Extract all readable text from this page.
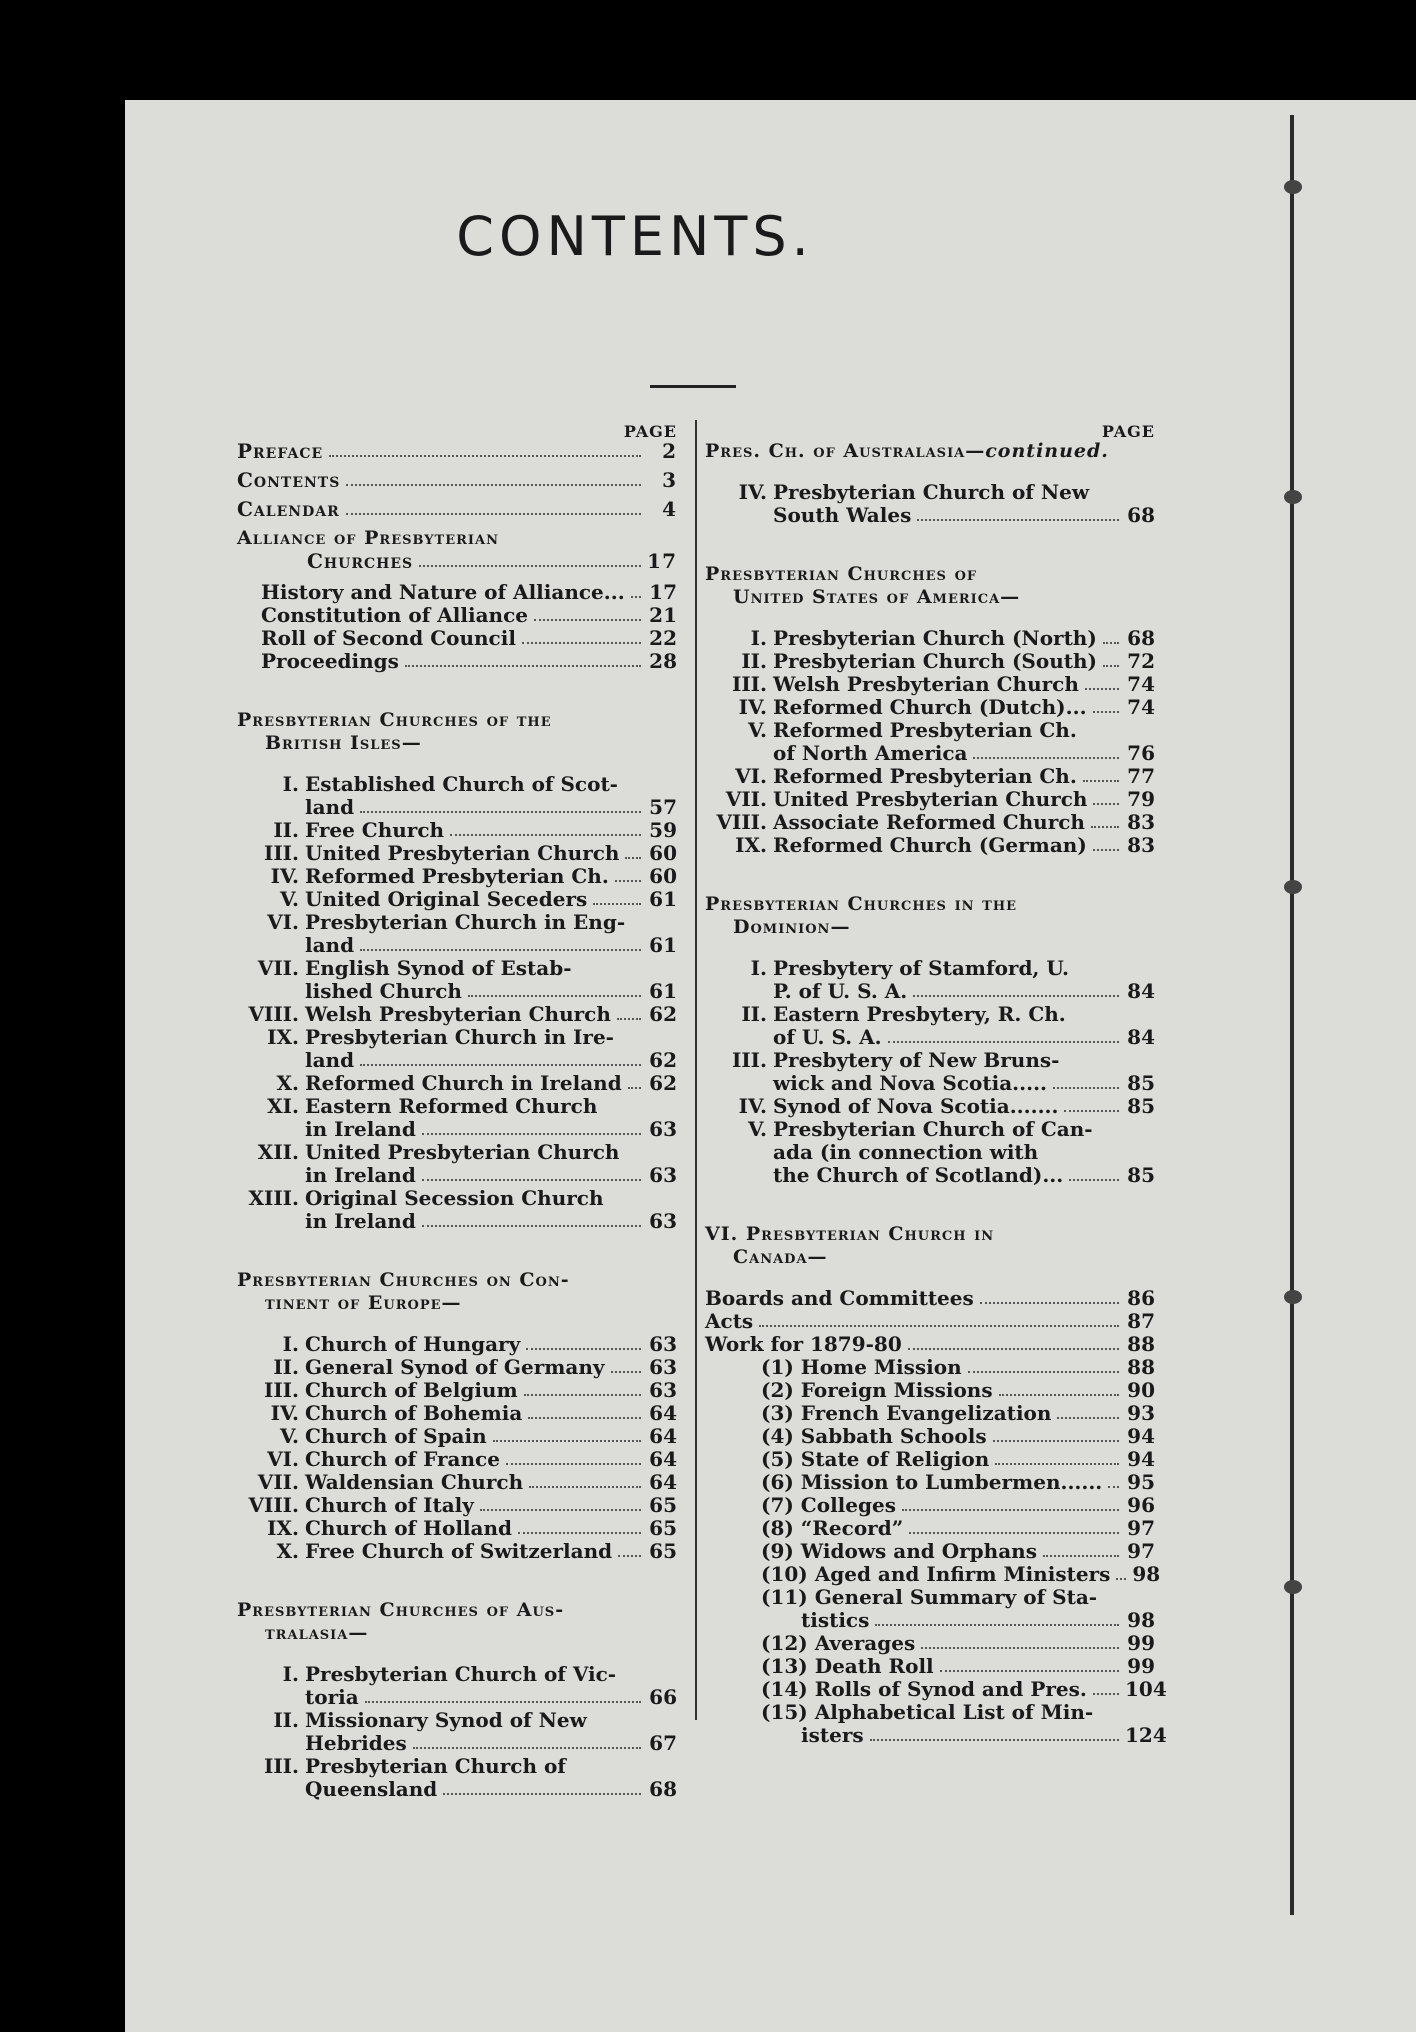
CONTENTS.
PAGE
Preface	2
Contents	3
Calendar	4
Alliance of Presbyterian
Churches	17
History and Nature of Alliance... 17
Constitution of Alliance	21
Roll of Second Council	22
Proceedings	28
Presbyterian Churches of the
British Isles—
I. Established Church of Scot-
land	57
II. Free Church	59
III. United Presbyterian Church 60
IV. Reformed Presbyterian Ch. 60
V. United Original Seceders	61
VI. Presbyterian Church in Eng-
land	61
VII. English Synod of Estab-
lished Church	61
VIII. Welsh Presbyterian Church 62
IX. Presbyterian Church in Ire-
land	62
X. Reformed Church in Ireland 62
XI. Eastern Reformed Church
in Ireland	63
XII. United Presbyterian Church
in Ireland	63
XIII. Original Secession Church
in Ireland	63
Presbyterian Churches on Con-
tinent of Europe—
I. Church of Hungary	63
II. General Synod of Germany 63
III. Church of Belgium	63
IV. Church of Bohemia	64
V. Church of Spain	64
VI. Church of France	64
VII. Waldensian Church	64
VIII. Church of Italy	65
IX. Church of Holland	65
X. Free Church of Switzerland 65
Presbyterian Churches of Aus-
tralasia—
I. Presbyterian Church of Vic-
toria	66
II. Missionary Synod of New
Hebrides	67
III. Presbyterian Church of
Queensland	68
PAGE
Pres. Ch. of Australasia—continued.
IV. Presbyterian Church of New
South Wales	68
Presbyterian Churches of
United States of America—
I. Presbyterian Church (North) 68
II. Presbyterian Church (South) 72
III. Welsh Presbyterian Church 74
IV. Reformed Church (Dutch)... 74
V. Reformed Presbyterian Ch.
of North America	76
VI. Reformed Presbyterian Ch.	77
VII. United Presbyterian Church 79
VIII. Associate Reformed Church 83
IX. Reformed Church (German) 83
Presbyterian Churches in the
Dominion—
I. Presbytery of Stamford, U.
P. of U. S. A.	84
II. Eastern Presbytery, R. Ch.
of U. S. A.	84
III. Presbytery of New Bruns-
wick and Nova Scotia.....	85
IV. Synod of Nova Scotia.......	85
V. Presbyterian Church of Can-
ada (in connection with
the Church of Scotland)...	85
VI. Presbyterian Church in
Canada—
Boards and Committees	86
Acts	87
Work for 1879-80	88
(1) Home Mission	88
(2) Foreign Missions	90
(3) French Evangelization	93
(4) Sabbath Schools	94
(5) State of Religion	94
(6) Mission to Lumbermen...... 95
(7) Colleges	96
(8) “Record”	97
(9) Widows and Orphans	97
(10) Aged and Infirm Ministers 98
(11) General Summary of Sta-
tistics	98
(12) Averages	99
(13) Death Roll	99
(14) Rolls of Synod and Pres. 104
(15) Alphabetical List of Min-
isters	124
